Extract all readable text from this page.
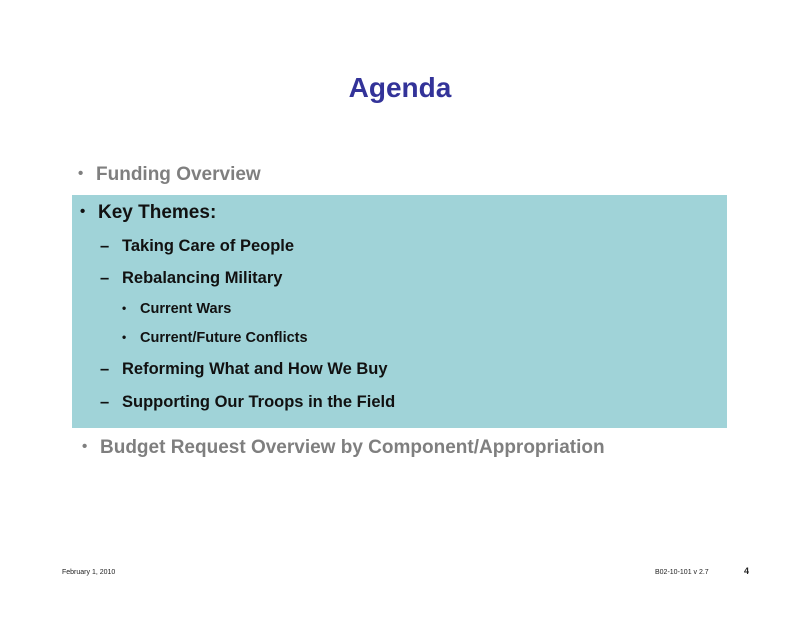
Agenda
• Funding Overview
• Key Themes:
– Taking Care of People
– Rebalancing Military
• Current Wars
• Current/Future Conflicts
– Reforming What and How We Buy
– Supporting Our Troops in the Field
• Budget Request Overview by Component/Appropriation
February 1, 2010	B02-10-101 v 2.7	4
